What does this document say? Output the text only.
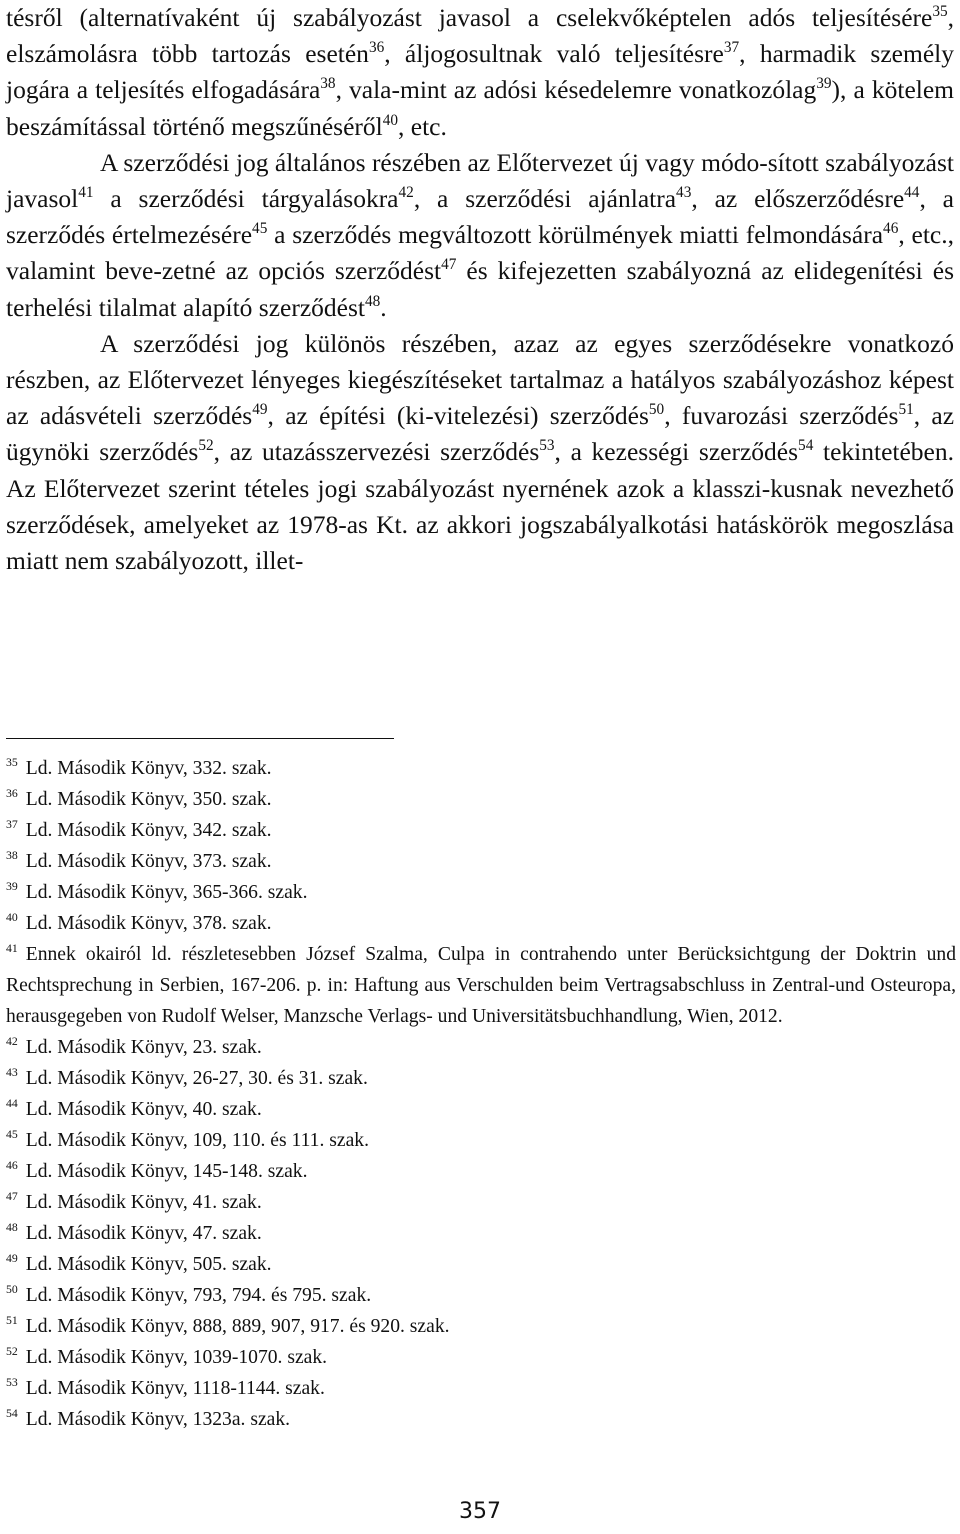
tésről (alternatívaként új szabályozást javasol a cselekvőképtelen adós teljesítésére$^{35}$, elszámolásra több tartozás esetén$^{36}$, áljogosultnak való teljesítésre$^{37}$, harmadik személy jogára a teljesítés elfogadására$^{38}$, vala-mint az adósi késedelemre vonatkozólag$^{39}$), a kötelem beszámítással történő megszűnéséről$^{40}$, etc.

A szerződési jog általános részében az Előtervezet új vagy módo-sított szabályozást javasol$^{41}$ a szerződési tárgyalásokra$^{42}$, a szerződési ajánlatra$^{43}$, az előszerződésre$^{44}$, a szerződés értelmezésére$^{45}$ a szerződés megváltozott körülmények miatti felmondására$^{46}$, etc., valamint beve-zetné az opciós szerződést$^{47}$ és kifejezetten szabályozná az elidegenítési és terhelési tilalmat alapító szerződést$^{48}$.

A szerződési jog különös részében, azaz az egyes szerződésekre vonatkozó részben, az Előtervezet lényeges kiegészítéseket tartalmaz a hatályos szabályozáshoz képest az adásvételi szerződés$^{49}$, az építési (ki-vitelezési) szerződés$^{50}$, fuvarozási szerződés$^{51}$, az ügynöki szerződés$^{52}$, az utazásszervezési szerződés$^{53}$, a kezességi szerződés$^{54}$ tekintetében. Az Előtervezet szerint tételes jogi szabályozást nyernének azok a klasszi-kusnak nevezhető szerződések, amelyeket az 1978-as Kt. az akkori jogszabályalkotási hatáskörök megoszlása miatt nem szabályozott, illet-

$^{35}$ Ld. Második Könyv, 332. szak.
$^{36}$ Ld. Második Könyv, 350. szak.
$^{37}$ Ld. Második Könyv, 342. szak.
$^{38}$ Ld. Második Könyv, 373. szak.
$^{39}$ Ld. Második Könyv, 365-366. szak.
$^{40}$ Ld. Második Könyv, 378. szak.
$^{41}$ Ennek okairól ld. részletesebben József Szalma, Culpa in contrahendo unter Berücksichtgung der Doktrin und Rechtsprechung in Serbien, 167-206. p. in: Haftung aus Verschulden beim Vertragsabschluss in Zentral-und Osteuropa, herausgegeben von Rudolf Welser, Manzsche Verlags- und Universitätsbuchhandlung, Wien, 2012.
$^{42}$ Ld. Második Könyv, 23. szak.
$^{43}$ Ld. Második Könyv, 26-27, 30. és 31. szak.
$^{44}$ Ld. Második Könyv, 40. szak.
$^{45}$ Ld. Második Könyv, 109, 110. és 111. szak.
$^{46}$ Ld. Második Könyv, 145-148. szak.
$^{47}$ Ld. Második Könyv, 41. szak.
$^{48}$ Ld. Második Könyv, 47. szak.
$^{49}$ Ld. Második Könyv, 505. szak.
$^{50}$ Ld. Második Könyv, 793, 794. és 795. szak.
$^{51}$ Ld. Második Könyv, 888, 889, 907, 917. és 920. szak.
$^{52}$ Ld. Második Könyv, 1039-1070. szak.
$^{53}$ Ld. Második Könyv, 1118-1144. szak.
$^{54}$ Ld. Második Könyv, 1323a. szak.
357
